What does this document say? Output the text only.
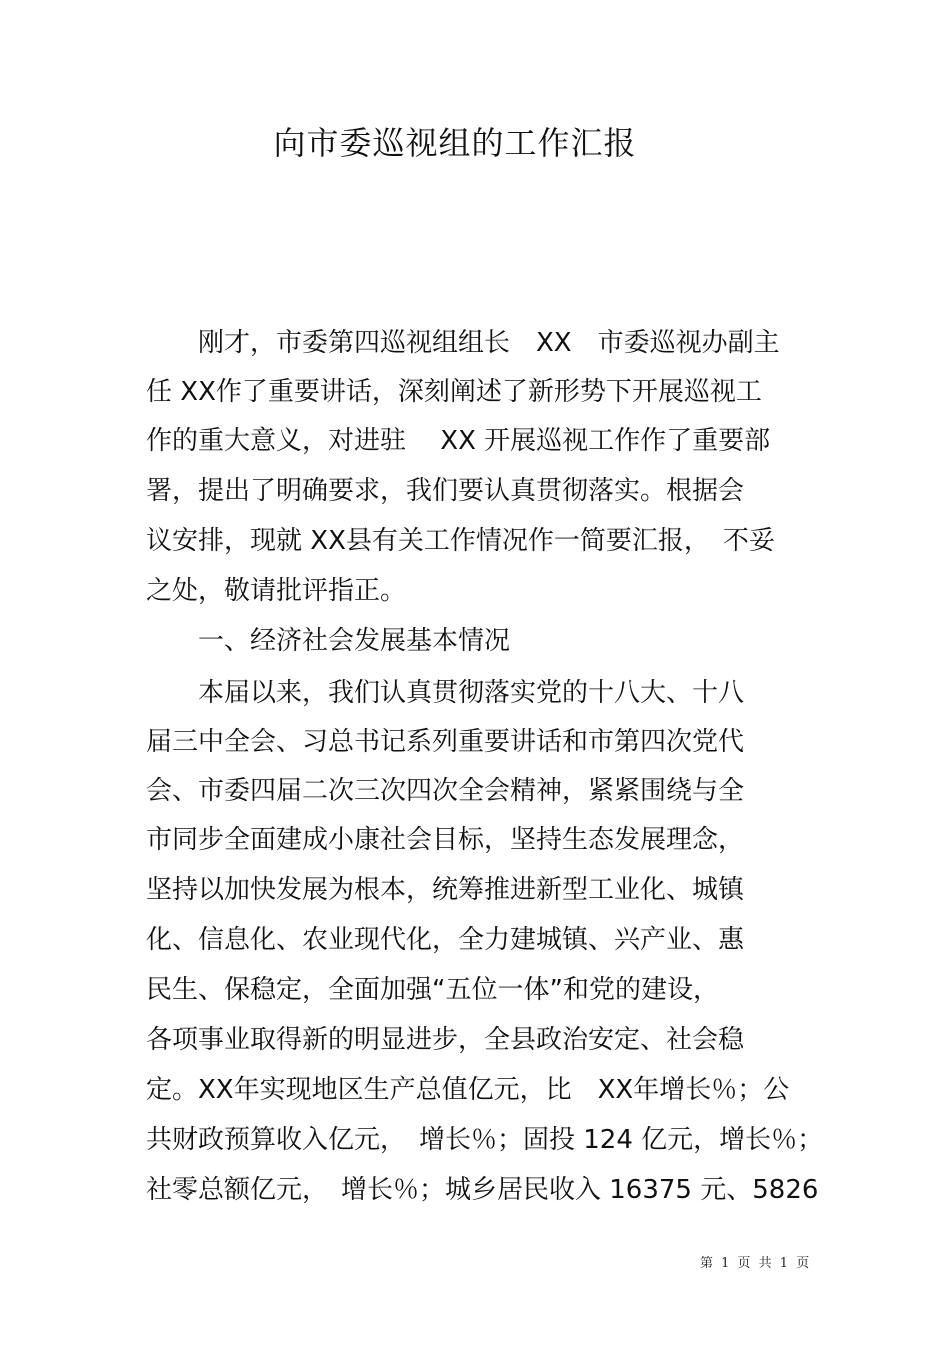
向市委巡视组的工作汇报
　　刚才，市委第四巡视组组长　XX　市委巡视办副主
任 XX作了重要讲话，深刻阐述了新形势下开展巡视工
作的重大意义，对进驻　 XX 开展巡视工作作了重要部
署，提出了明确要求，我们要认真贯彻落实。根据会
议安排，现就 XX县有关工作情况作一简要汇报，　不妥
之处，敬请批评指正。
　　一、经济社会发展基本情况
　　本届以来，我们认真贯彻落实党的十八大、十八
届三中全会、习总书记系列重要讲话和市第四次党代
会、市委四届二次三次四次全会精神，紧紧围绕与全
市同步全面建成小康社会目标，坚持生态发展理念，
坚持以加快发展为根本，统筹推进新型工业化、城镇
化、信息化、农业现代化，全力建城镇、兴产业、惠
民生、保稳定，全面加强“五位一体”和党的建设，
各项事业取得新的明显进步，全县政治安定、社会稳
定。XX年实现地区生产总值亿元，比　XX年增长％；公
共财政预算收入亿元，　增长％；固投 124 亿元，增长％；
社零总额亿元，　增长％；城乡居民收入 16375 元、5826
第 1 页 共 1 页
